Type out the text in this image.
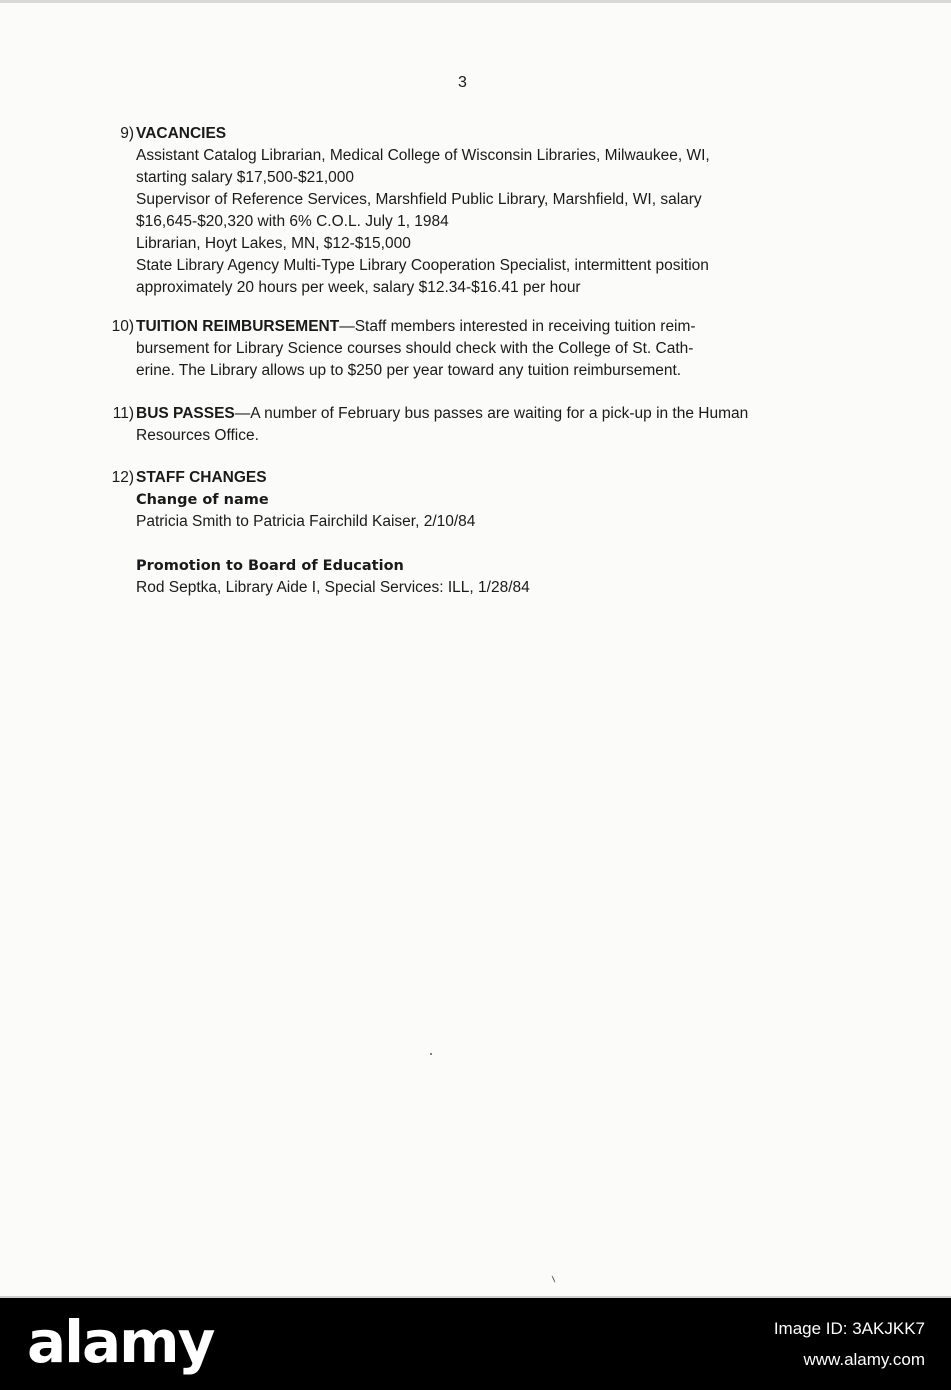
3
9) VACANCIES
Assistant Catalog Librarian, Medical College of Wisconsin Libraries, Milwaukee, WI,
starting salary $17,500-$21,000
Supervisor of Reference Services, Marshfield Public Library, Marshfield, WI, salary
$16,645-$20,320 with 6% C.O.L. July 1, 1984
Librarian, Hoyt Lakes, MN, $12-$15,000
State Library Agency Multi-Type Library Cooperation Specialist, intermittent position
approximately 20 hours per week, salary $12.34-$16.41 per hour
10) TUITION REIMBURSEMENT—Staff members interested in receiving tuition reim-
bursement for Library Science courses should check with the College of St. Cath-
erine. The Library allows up to $250 per year toward any tuition reimbursement.
11) BUS PASSES—A number of February bus passes are waiting for a pick-up in the Human
Resources Office.
12) STAFF CHANGES
Change of name
Patricia Smith to Patricia Fairchild Kaiser, 2/10/84
Promotion to Board of Education
Rod Septka, Library Aide I, Special Services: ILL, 1/28/84
alamy	Image ID: 3AKJKK7
www.alamy.com
